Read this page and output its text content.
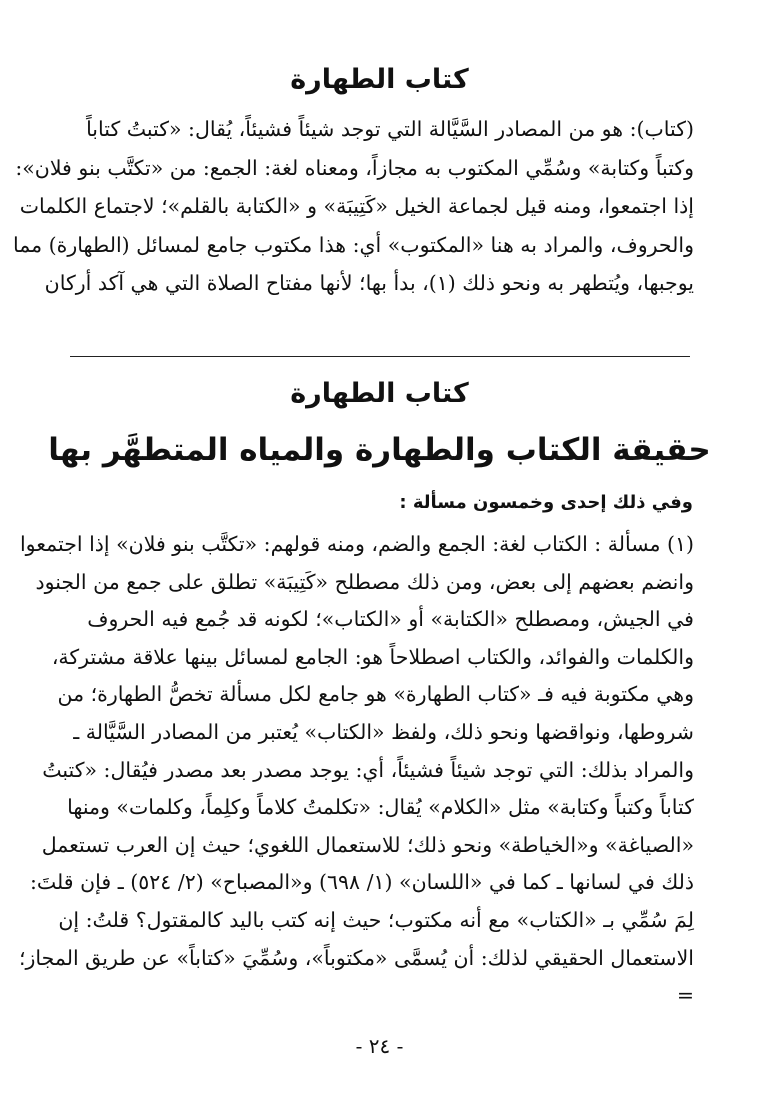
كتاب الطهارة
(كتاب): هو من المصادر السَّيَّالة التي توجد شيئاً فشيئاً، يُقال: «كتبتُ كتاباً
وكتباً وكتابة» وسُمِّي المكتوب به مجازاً، ومعناه لغة: الجمع: من «تكتَّب بنو فلان»:
إذا اجتمعوا، ومنه قيل لجماعة الخيل «كَتِيبَة» و «الكتابة بالقلم»؛ لاجتماع الكلمات
والحروف، والمراد به هنا «المكتوب» أي: هذا مكتوب جامع لمسائل (الطهارة) مما
يوجبها، ويُتطهر به ونحو ذلك (١)، بدأ بها؛ لأنها مفتاح الصلاة التي هي آكد أركان
كتاب الطهارة
حقيقة الكتاب والطهارة والمياه المتطهَّر بها
وفي ذلك إحدى وخمسون مسألة :
(١) مسألة : الكتاب لغة: الجمع والضم، ومنه قولهم: «تكتَّب بنو فلان» إذا اجتمعوا
وانضم بعضهم إلى بعض، ومن ذلك مصطلح «كَتِيبَة» تطلق على جمع من الجنود
في الجيش، ومصطلح «الكتابة» أو «الكتاب»؛ لكونه قد جُمع فيه الحروف
والكلمات والفوائد، والكتاب اصطلاحاً هو: الجامع لمسائل بينها علاقة مشتركة،
وهي مكتوبة فيه فـ «كتاب الطهارة» هو جامع لكل مسألة تخصُّ الطهارة؛ من
شروطها، ونواقضها ونحو ذلك، ولفظ «الكتاب» يُعتبر من المصادر السَّيَّالة ـ
والمراد بذلك: التي توجد شيئاً فشيئاً، أي: يوجد مصدر بعد مصدر فيُقال: «كتبتُ
كتاباً وكتباً وكتابة» مثل «الكلام» يُقال: «تكلمتُ كلاماً وكلِماً، وكلمات» ومنها
«الصياغة» و«الخياطة» ونحو ذلك؛ للاستعمال اللغوي؛ حيث إن العرب تستعمل
ذلك في لسانها ـ كما في «اللسان» (١/ ٦٩٨) و«المصباح» (٢/ ٥٢٤) ـ فإن قلتَ:
لِمَ سُمِّي بـ «الكتاب» مع أنه مكتوب؛ حيث إنه كتب باليد كالمقتول؟ قلتُ: إن
الاستعمال الحقيقي لذلك: أن يُسمَّى «مكتوباً»، وسُمِّيَ «كتاباً» عن طريق المجاز؛
=
- ٢٤ -
